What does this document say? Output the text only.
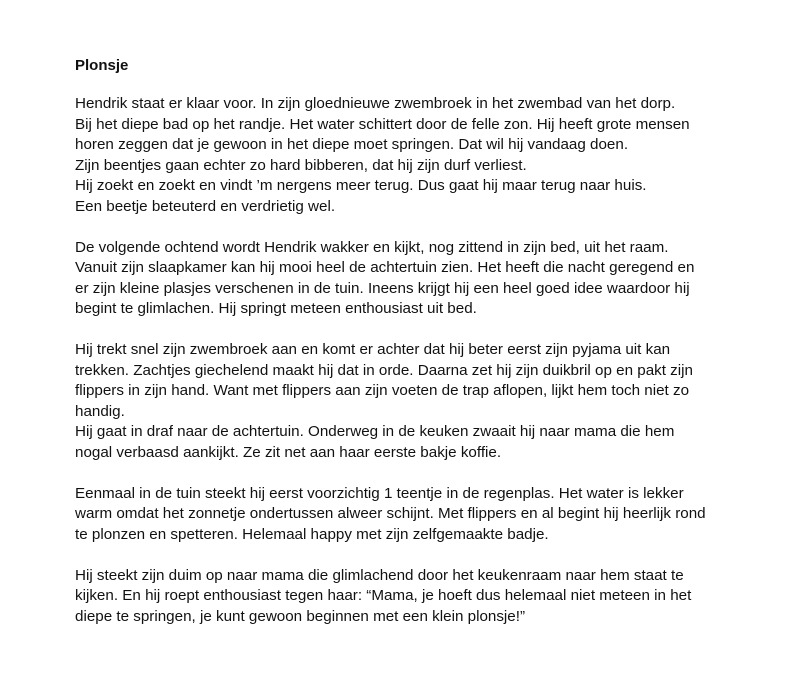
Plonsje
Hendrik staat er klaar voor. In zijn gloednieuwe zwembroek in het zwembad van het dorp.
Bij het diepe bad op het randje. Het water schittert door de felle zon. Hij heeft grote mensen
horen zeggen dat je gewoon in het diepe moet springen. Dat wil hij vandaag doen.
Zijn beentjes gaan echter zo hard bibberen, dat hij zijn durf verliest.
Hij zoekt en zoekt en vindt ’m nergens meer terug. Dus gaat hij maar terug naar huis.
Een beetje beteuterd en verdrietig wel.
De volgende ochtend wordt Hendrik wakker en kijkt, nog zittend in zijn bed, uit het raam.
Vanuit zijn slaapkamer kan hij mooi heel de achtertuin zien. Het heeft die nacht geregend en
er zijn kleine plasjes verschenen in de tuin. Ineens krijgt hij een heel goed idee waardoor hij
begint te glimlachen. Hij springt meteen enthousiast uit bed.
Hij trekt snel zijn zwembroek aan en komt er achter dat hij beter eerst zijn pyjama uit kan
trekken. Zachtjes giechelend maakt hij dat in orde. Daarna zet hij zijn duikbril op en pakt zijn
flippers in zijn hand. Want met flippers aan zijn voeten de trap aflopen, lijkt hem toch niet zo
handig.
Hij gaat in draf naar de achtertuin. Onderweg in de keuken zwaait hij naar mama die hem
nogal verbaasd aankijkt. Ze zit net aan haar eerste bakje koffie.
Eenmaal in de tuin steekt hij eerst voorzichtig 1 teentje in de regenplas. Het water is lekker
warm omdat het zonnetje ondertussen alweer schijnt. Met flippers en al begint hij heerlijk rond
te plonzen en spetteren. Helemaal happy met zijn zelfgemaakte badje.
Hij steekt zijn duim op naar mama die glimlachend door het keukenraam naar hem staat te
kijken. En hij roept enthousiast tegen haar: “Mama, je hoeft dus helemaal niet meteen in het
diepe te springen, je kunt gewoon beginnen met een klein plonsje!”
